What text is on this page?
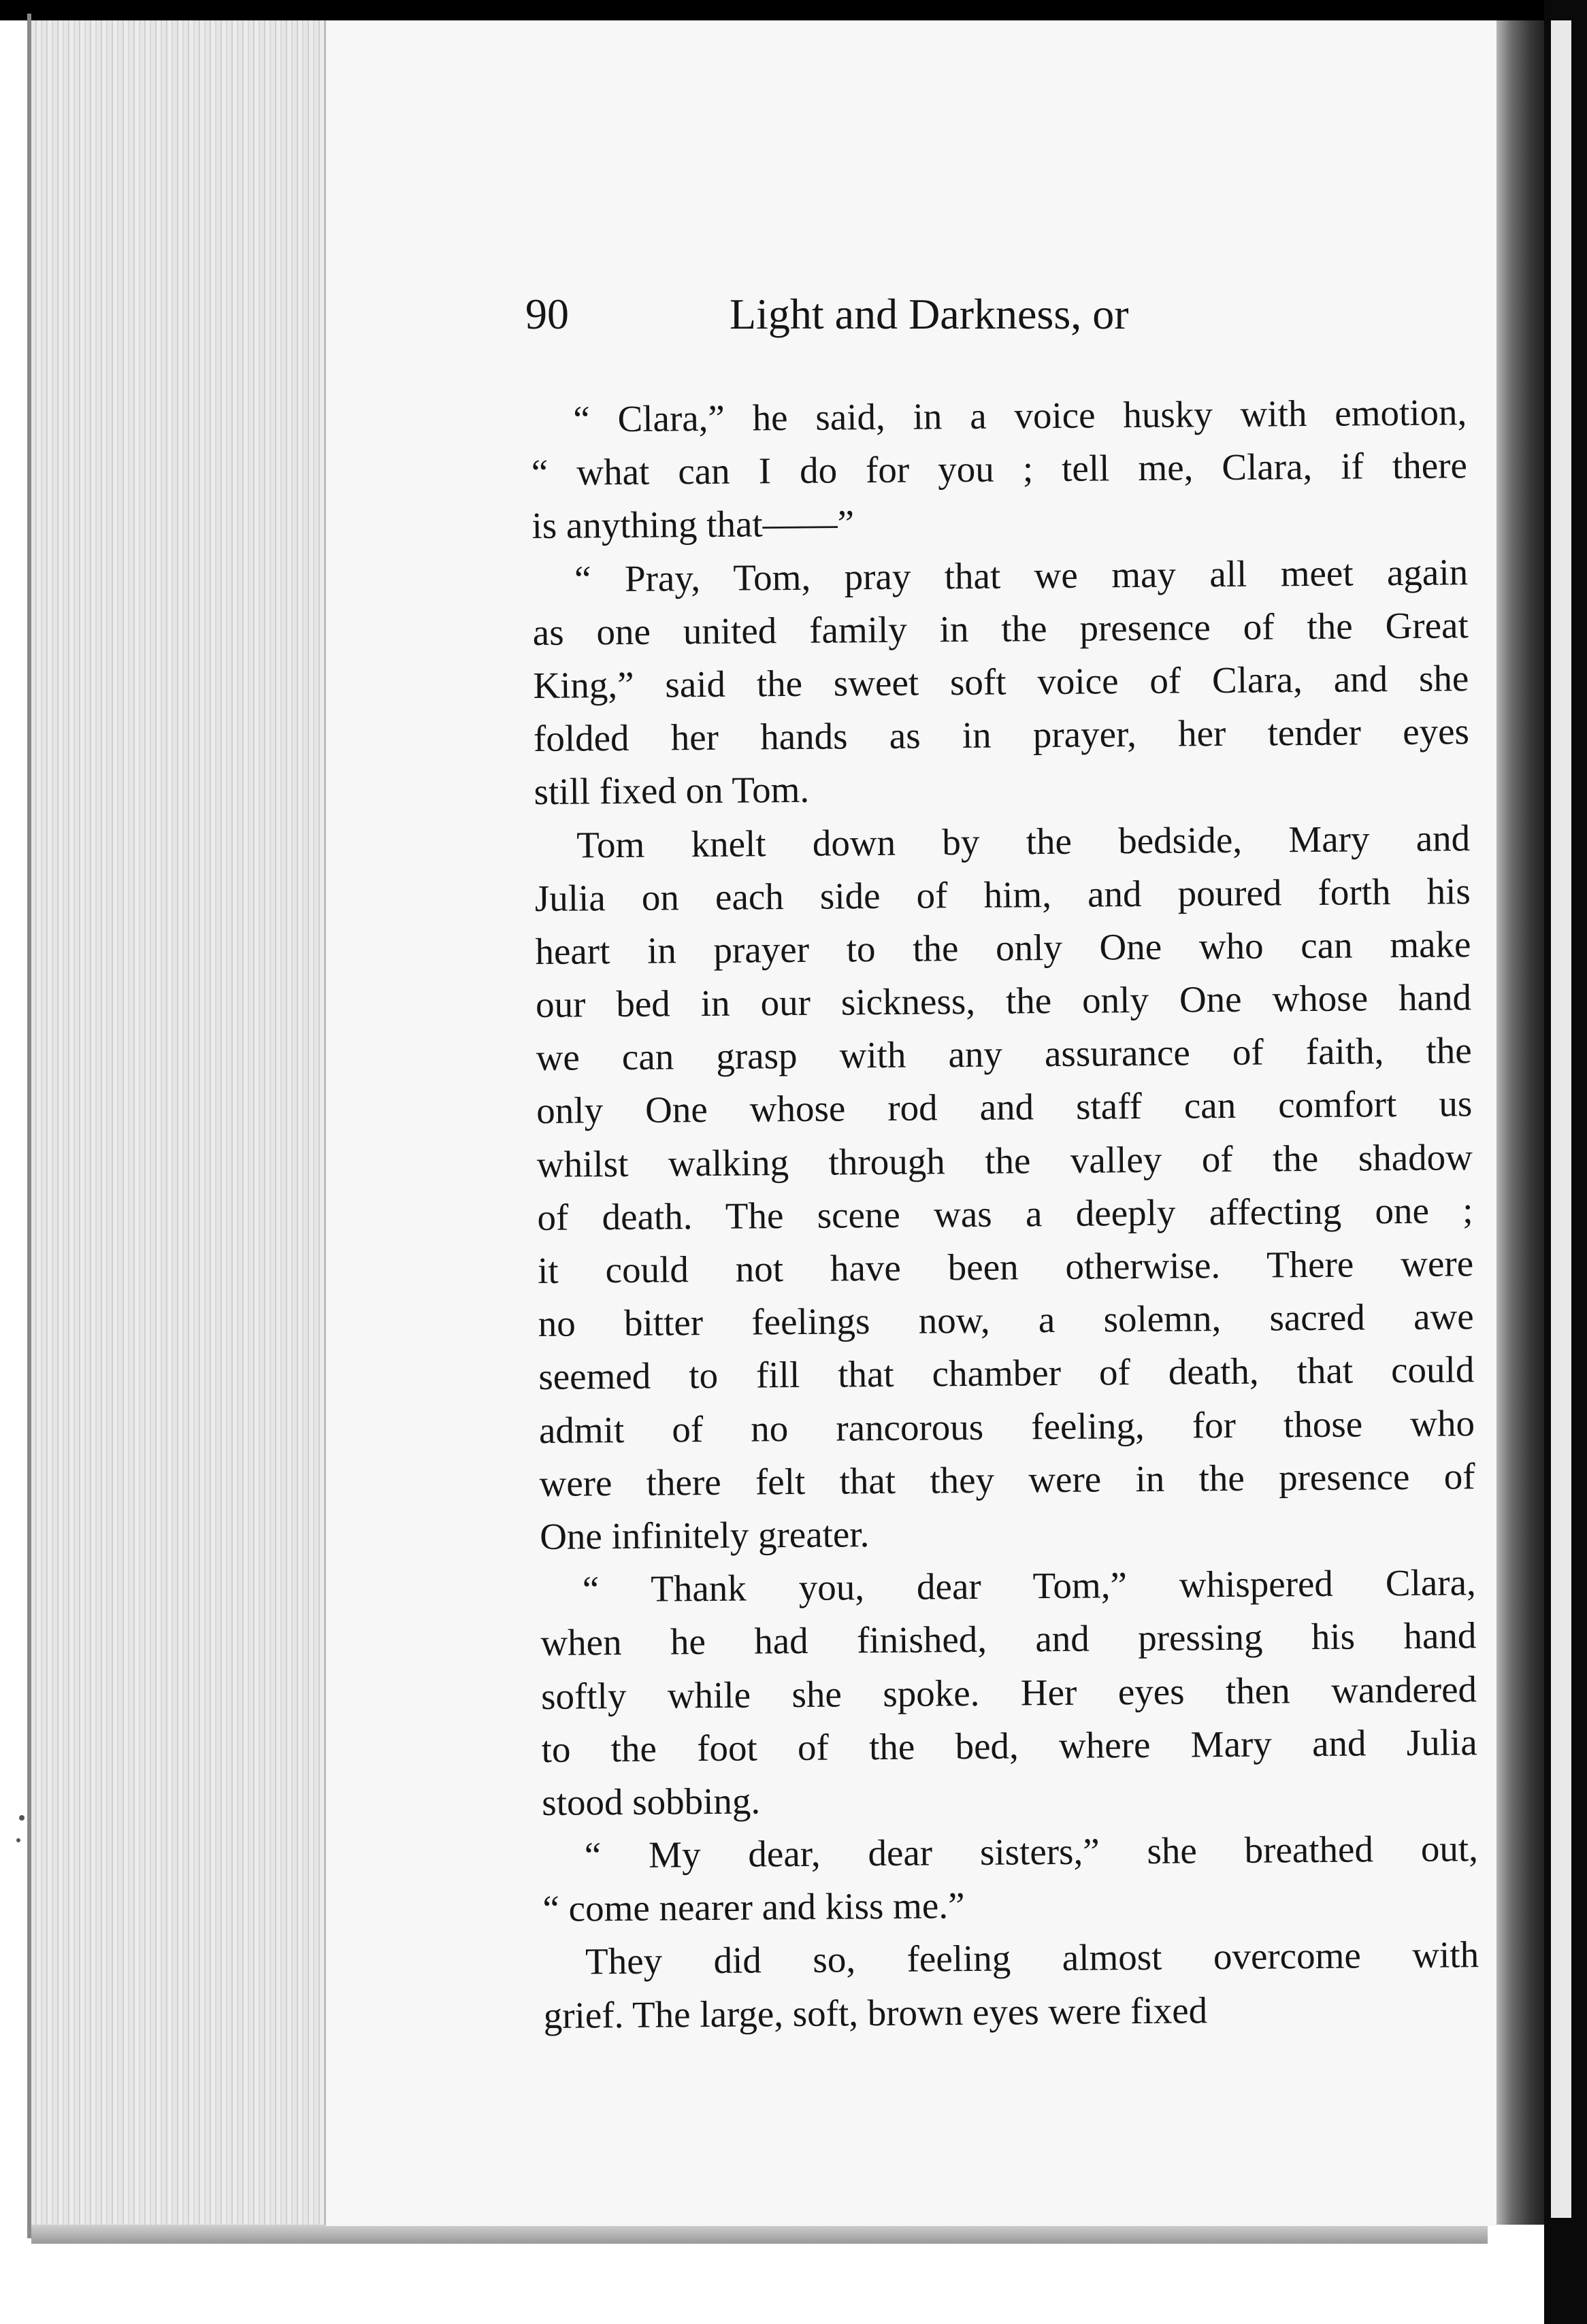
90	Light and Darkness, or
“ Clara,” he said, in a voice husky with emotion,
“ what can I do for you ; tell me, Clara, if there
is anything that——”
“ Pray, Tom, pray that we may all meet again
as one united family in the presence of the Great
King,” said the sweet soft voice of Clara, and she
folded her hands as in prayer, her tender eyes
still fixed on Tom.
Tom knelt down by the bedside, Mary and
Julia on each side of him, and poured forth his
heart in prayer to the only One who can make
our bed in our sickness, the only One whose hand
we can grasp with any assurance of faith, the
only One whose rod and staff can comfort us
whilst walking through the valley of the shadow
of death. The scene was a deeply affecting one ;
it could not have been otherwise. There were
no bitter feelings now, a solemn, sacred awe
seemed to fill that chamber of death, that could
admit of no rancorous feeling, for those who
were there felt that they were in the presence of
One infinitely greater.
“ Thank you, dear Tom,” whispered Clara,
when he had finished, and pressing his hand
softly while she spoke. Her eyes then wandered
to the foot of the bed, where Mary and Julia
stood sobbing.
“ My dear, dear sisters,” she breathed out,
“ come nearer and kiss me.”
They did so, feeling almost overcome with
grief. The large, soft, brown eyes were fixed
